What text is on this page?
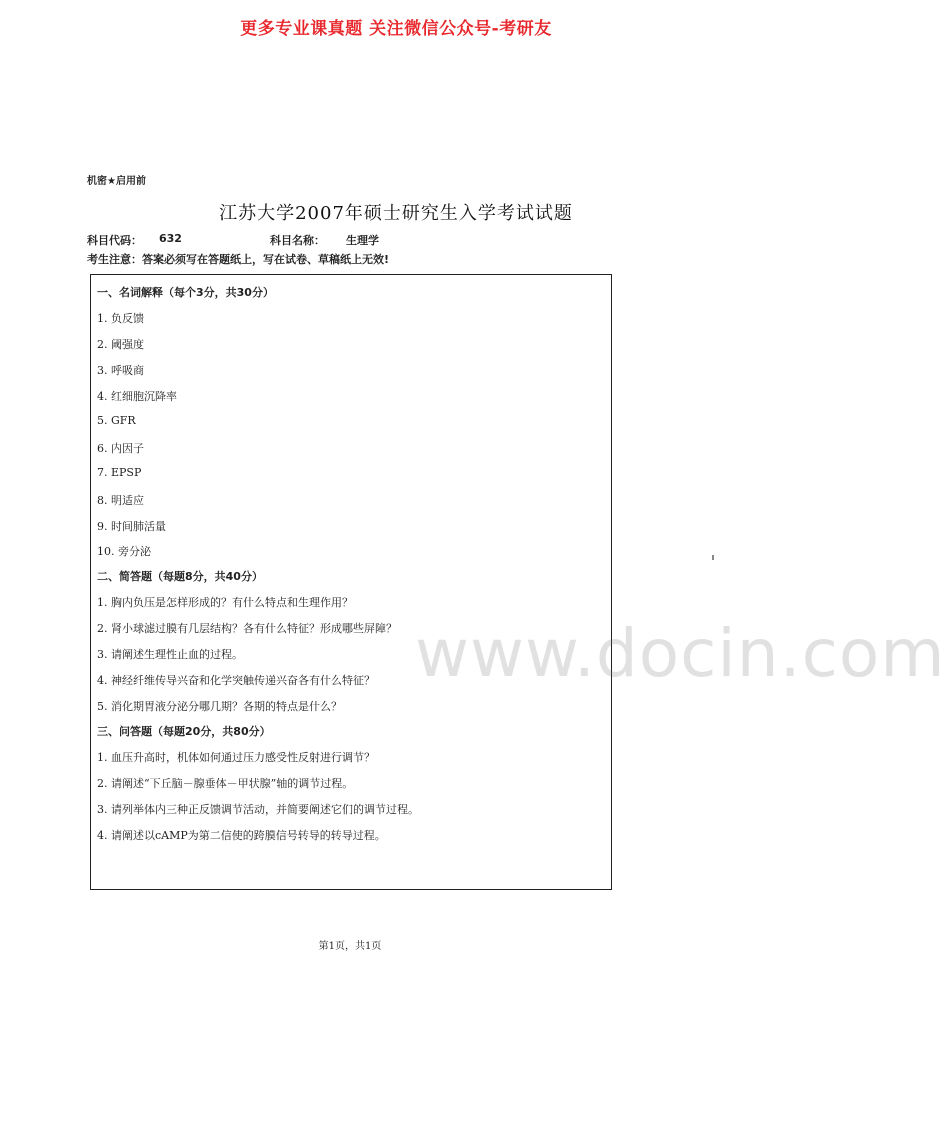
更多专业课真题 关注微信公众号-考研友
机密★启用前
江苏大学2007年硕士研究生入学考试试题
科目代码： 632	科目名称： 生理学
考生注意：答案必须写在答题纸上，写在试卷、草稿纸上无效!
一、名词解释（每个3分，共30分）
1. 负反馈
2. 阈强度
3. 呼吸商
4. 红细胞沉降率
5. GFR
6. 内因子
7. EPSP
8. 明适应
9. 时间肺活量
10. 旁分泌
二、简答题（每题8分，共40分）
1. 胸内负压是怎样形成的？有什么特点和生理作用？
2. 肾小球滤过膜有几层结构？各有什么特征？形成哪些屏障？
3. 请阐述生理性止血的过程。
4. 神经纤维传导兴奋和化学突触传递兴奋各有什么特征？
5. 消化期胃液分泌分哪几期？各期的特点是什么？
三、问答题（每题20分，共80分）
1. 血压升高时，机体如何通过压力感受性反射进行调节？
2. 请阐述“下丘脑－腺垂体－甲状腺”轴的调节过程。
3. 请列举体内三种正反馈调节活动，并简要阐述它们的调节过程。
4. 请阐述以cAMP为第二信使的跨膜信号转导的转导过程。
www.docin.com
第1页，共1页
